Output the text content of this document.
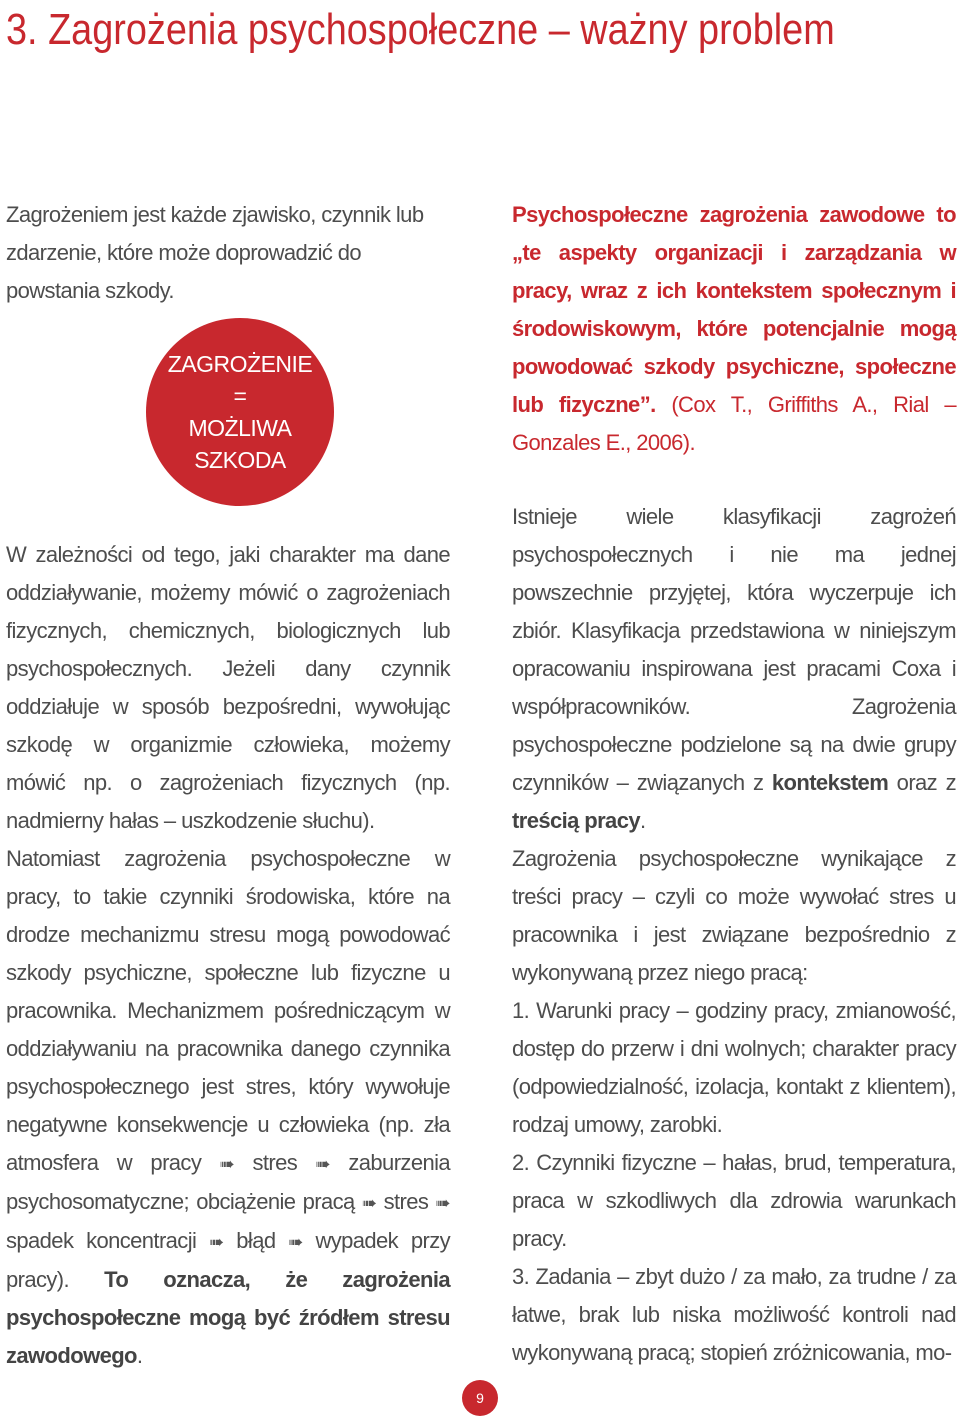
3. Zagrożenia psychospołeczne – ważny problem

Zagrożeniem jest każde zjawisko, czynnik lub zdarzenie, które może doprowadzić do powstania szkody.

ZAGROŻENIE
=
MOŻLIWA
SZKODA

W zależności od tego, jaki charakter ma dane oddziaływanie, możemy mówić o zagrożeniach fizycznych, chemicznych, biologicznych lub psychospołecznych. Jeżeli dany czynnik oddziałuje w sposób bezpośredni, wywołując szkodę w organizmie człowieka, możemy mówić np. o zagrożeniach fizycznych (np. nadmierny hałas – uszkodzenie słuchu).

Natomiast zagrożenia psychospołeczne w pracy, to takie czynniki środowiska, które na drodze mechanizmu stresu mogą powodować szkody psychiczne, społeczne lub fizyczne u pracownika. Mechanizmem pośredniczącym w oddziaływaniu na pracownika danego czynnika psychospołecznego jest stres, który wywołuje negatywne konsekwencje u człowieka (np. zła atmosfera w pracy ➠ stres ➠ zaburzenia psychosomatyczne; obciążenie pracą ➠ stres ➠ spadek koncentracji ➠ błąd ➠ wypadek przy pracy). To oznacza, że zagrożenia psychospołeczne mogą być źródłem stresu zawodowego.

Psychospołeczne zagrożenia zawodowe to „te aspekty organizacji i zarządzania w pracy, wraz z ich kontekstem społecznym i środowiskowym, które potencjalnie mogą powodować szkody psychiczne, społeczne lub fizyczne”. (Cox T., Griffiths A., Rial – Gonzales E., 2006).

Istnieje wiele klasyfikacji zagrożeń psychospołecznych i nie ma jednej powszechnie przyjętej, która wyczerpuje ich zbiór. Klasyfikacja przedstawiona w niniejszym opracowaniu inspirowana jest pracami Coxa i współpracowników. Zagrożenia psychospołeczne podzielone są na dwie grupy czynników – związanych z kontekstem oraz z treścią pracy.

Zagrożenia psychospołeczne wynikające z treści pracy – czyli co może wywołać stres u pracownika i jest związane bezpośrednio z wykonywaną przez niego pracą:

1. Warunki pracy – godziny pracy, zmianowość, dostęp do przerw i dni wolnych; charakter pracy (odpowiedzialność, izolacja, kontakt z klientem), rodzaj umowy, zarobki.

2. Czynniki fizyczne – hałas, brud, temperatura, praca w szkodliwych dla zdrowia warunkach pracy.

3. Zadania – zbyt dużo / za mało, za trudne / za łatwe, brak lub niska możliwość kontroli nad wykonywaną pracą; stopień zróżnicowania, mo-

9
